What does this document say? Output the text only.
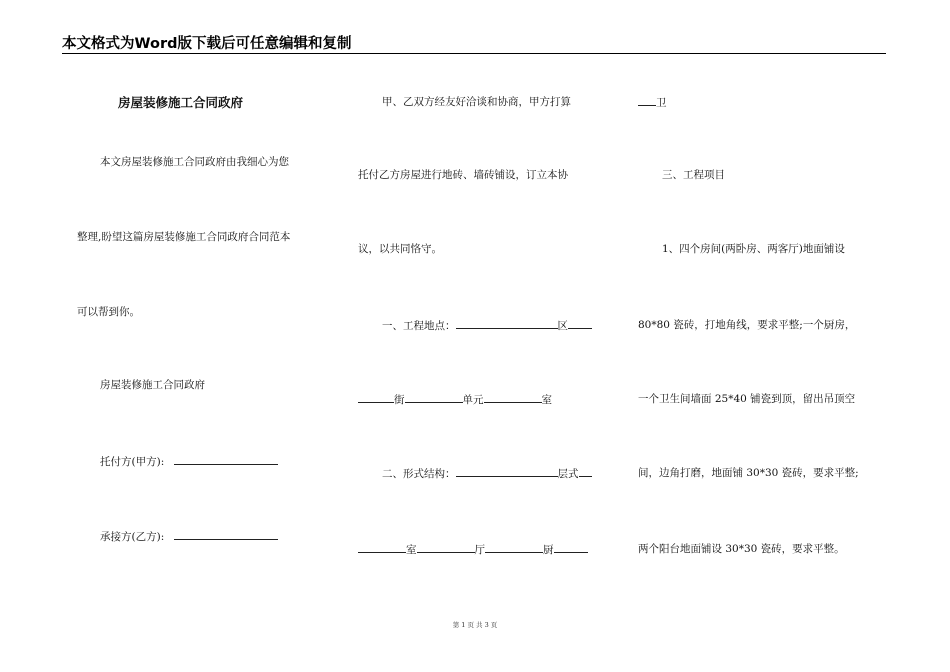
本文格式为Word版下载后可任意编辑和复制
房屋装修施工合同政府
本文房屋装修施工合同政府由我细心为您
整理,盼望这篇房屋装修施工合同政府合同范本
可以帮到你。
房屋装修施工合同政府
托付方(甲方):
承接方(乙方):
甲、乙双方经友好洽谈和协商，甲方打算
托付乙方房屋进行地砖、墙砖铺设，订立本协
议，以共同恪守。
一、工程地点：	区
街	单元	室
二、形式结构：	层式
室	厅	厨
卫
三、工程项目
1、四个房间(两卧房、两客厅)地面铺设
80*80 瓷砖，打地角线，要求平整;一个厨房，
一个卫生间墙面 25*40 铺瓷到顶，留出吊顶空
间，边角打磨，地面铺 30*30 瓷砖，要求平整;
两个阳台地面铺设 30*30 瓷砖，要求平整。
第 1 页 共 3 页
